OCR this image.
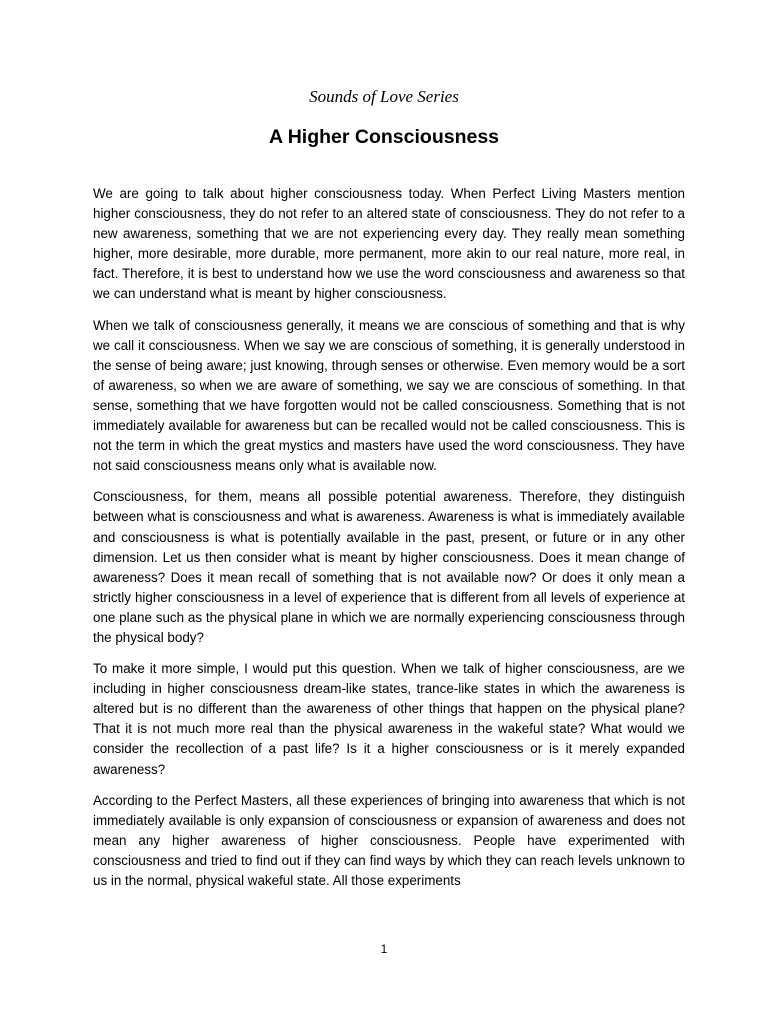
Sounds of Love Series
A Higher Consciousness

We are going to talk about higher consciousness today. When Perfect Living Masters mention higher consciousness, they do not refer to an altered state of consciousness. They do not refer to a new awareness, something that we are not experiencing every day. They really mean something higher, more desirable, more durable, more permanent, more akin to our real nature, more real, in fact. Therefore, it is best to understand how we use the word consciousness and awareness so that we can understand what is meant by higher consciousness.

When we talk of consciousness generally, it means we are conscious of something and that is why we call it consciousness. When we say we are conscious of something, it is generally understood in the sense of being aware; just knowing, through senses or otherwise. Even memory would be a sort of awareness, so when we are aware of something, we say we are conscious of something. In that sense, something that we have forgotten would not be called consciousness. Something that is not immediately available for awareness but can be recalled would not be called consciousness. This is not the term in which the great mystics and masters have used the word consciousness. They have not said consciousness means only what is available now.

Consciousness, for them, means all possible potential awareness. Therefore, they distinguish between what is consciousness and what is awareness. Awareness is what is immediately available and consciousness is what is potentially available in the past, present, or future or in any other dimension. Let us then consider what is meant by higher consciousness. Does it mean change of awareness? Does it mean recall of something that is not available now? Or does it only mean a strictly higher consciousness in a level of experience that is different from all levels of experience at one plane such as the physical plane in which we are normally experiencing consciousness through the physical body?

To make it more simple, I would put this question. When we talk of higher consciousness, are we including in higher consciousness dream-like states, trance-like states in which the awareness is altered but is no different than the awareness of other things that happen on the physical plane? That it is not much more real than the physical awareness in the wakeful state? What would we consider the recollection of a past life? Is it a higher consciousness or is it merely expanded awareness?

According to the Perfect Masters, all these experiences of bringing into awareness that which is not immediately available is only expansion of consciousness or expansion of awareness and does not mean any higher awareness of higher consciousness. People have experimented with consciousness and tried to find out if they can find ways by which they can reach levels unknown to us in the normal, physical wakeful state. All those experiments

1
